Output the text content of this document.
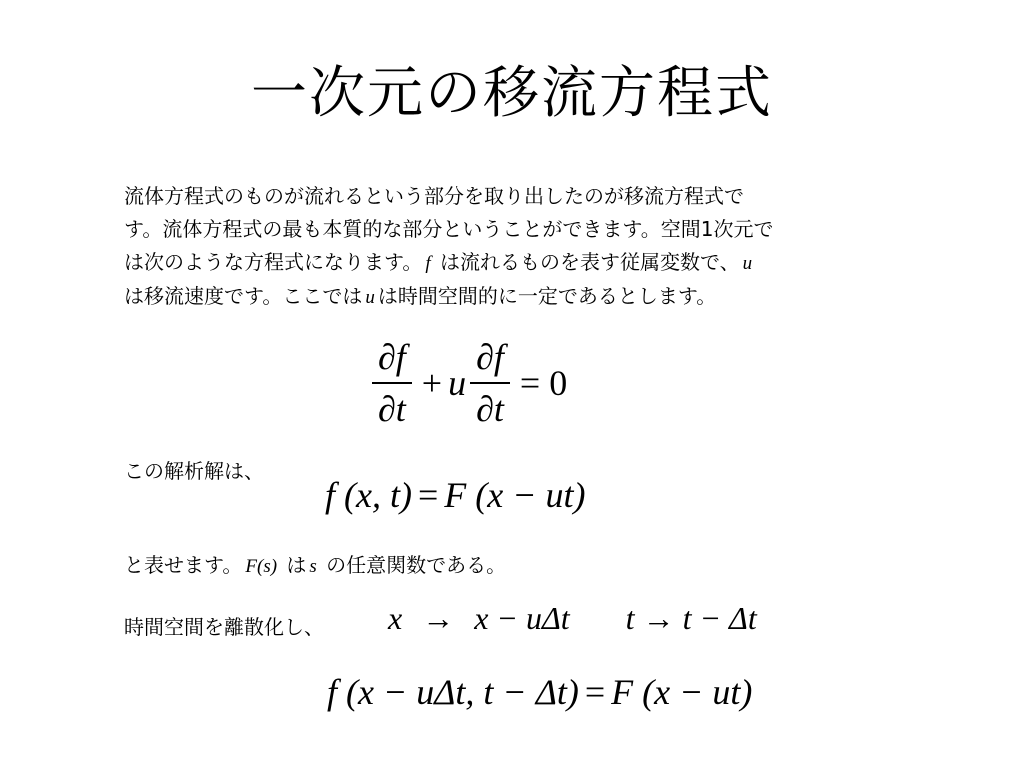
一次元の移流方程式
流体方程式のものが流れるという部分を取り出したのが移流方程式で
す。流体方程式の最も本質的な部分ということができます。空間1次元で
は次のような方程式になります。 f は流れるものを表す従属変数で、 u
は移流速度です。ここでは u は時間空間的に一定であるとします。
$\frac{\partial f}{\partial t} + u \frac{\partial f}{\partial t} = 0$
この解析解は、
f (x, t) = F (x − ut)
と表せます。 F(s) は s の任意関数である。
時間空間を離散化し、	x → x − uΔt t → t − Δt
f (x − uΔt, t − Δt) = F (x − ut)
